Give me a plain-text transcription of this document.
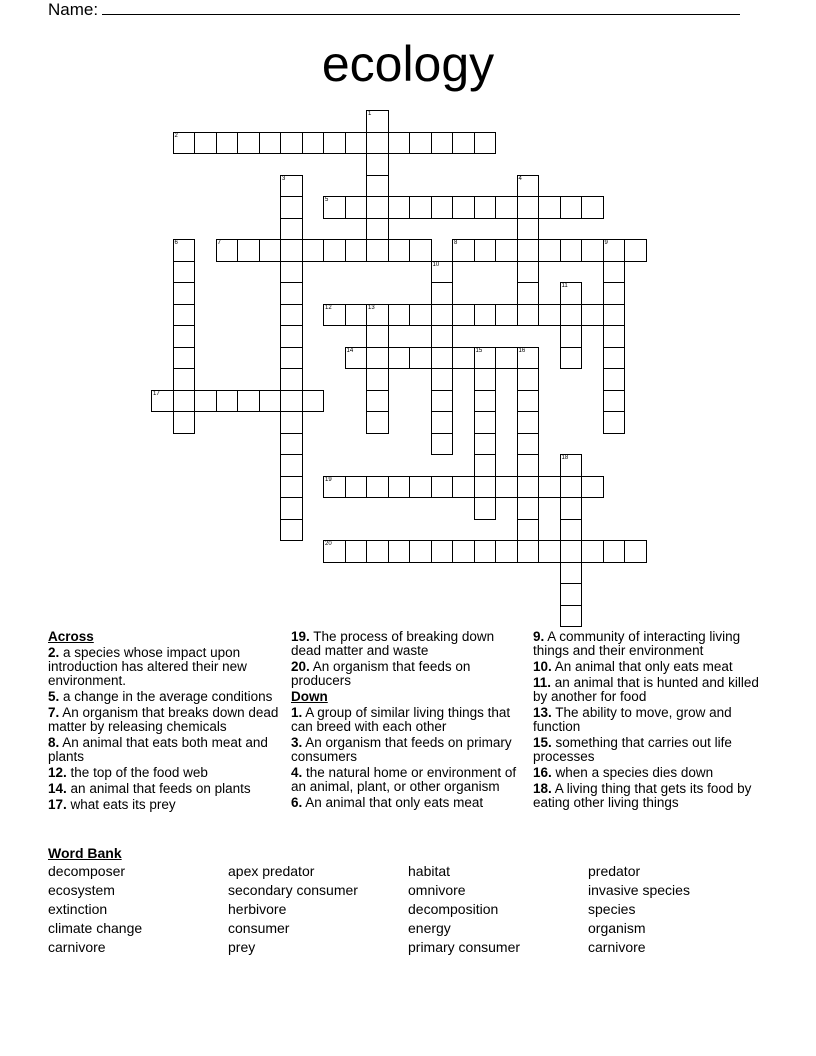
Name:
ecology
1
2
3	4
5
6	7	8	9
10
11
12	13
14	15	16
17
18
19
20
Across
2. a species whose impact upon introduction has altered their new environment.
5. a change in the average conditions
7. An organism that breaks down dead matter by releasing chemicals
8. An animal that eats both meat and plants
12. the top of the food web
14. an animal that feeds on plants
17. what eats its prey
19. The process of breaking down dead matter and waste
20. An organism that feeds on producers
Down
1. A group of similar living things that can breed with each other
3. An organism that feeds on primary consumers
4. the natural home or environment of an animal, plant, or other organism
6. An animal that only eats meat
9. A community of interacting living things and their environment
10. An animal that only eats meat
11. an animal that is hunted and killed by another for food
13. The ability to move, grow and function
15. something that carries out life processes
16. when a species dies down
18. A living thing that gets its food by eating other living things
Word Bank
decomposer	apex predator	habitat	predator
ecosystem	secondary consumer	omnivore	invasive species
extinction	herbivore	decomposition	species
climate change	consumer	energy	organism
carnivore	prey	primary consumer	carnivore
